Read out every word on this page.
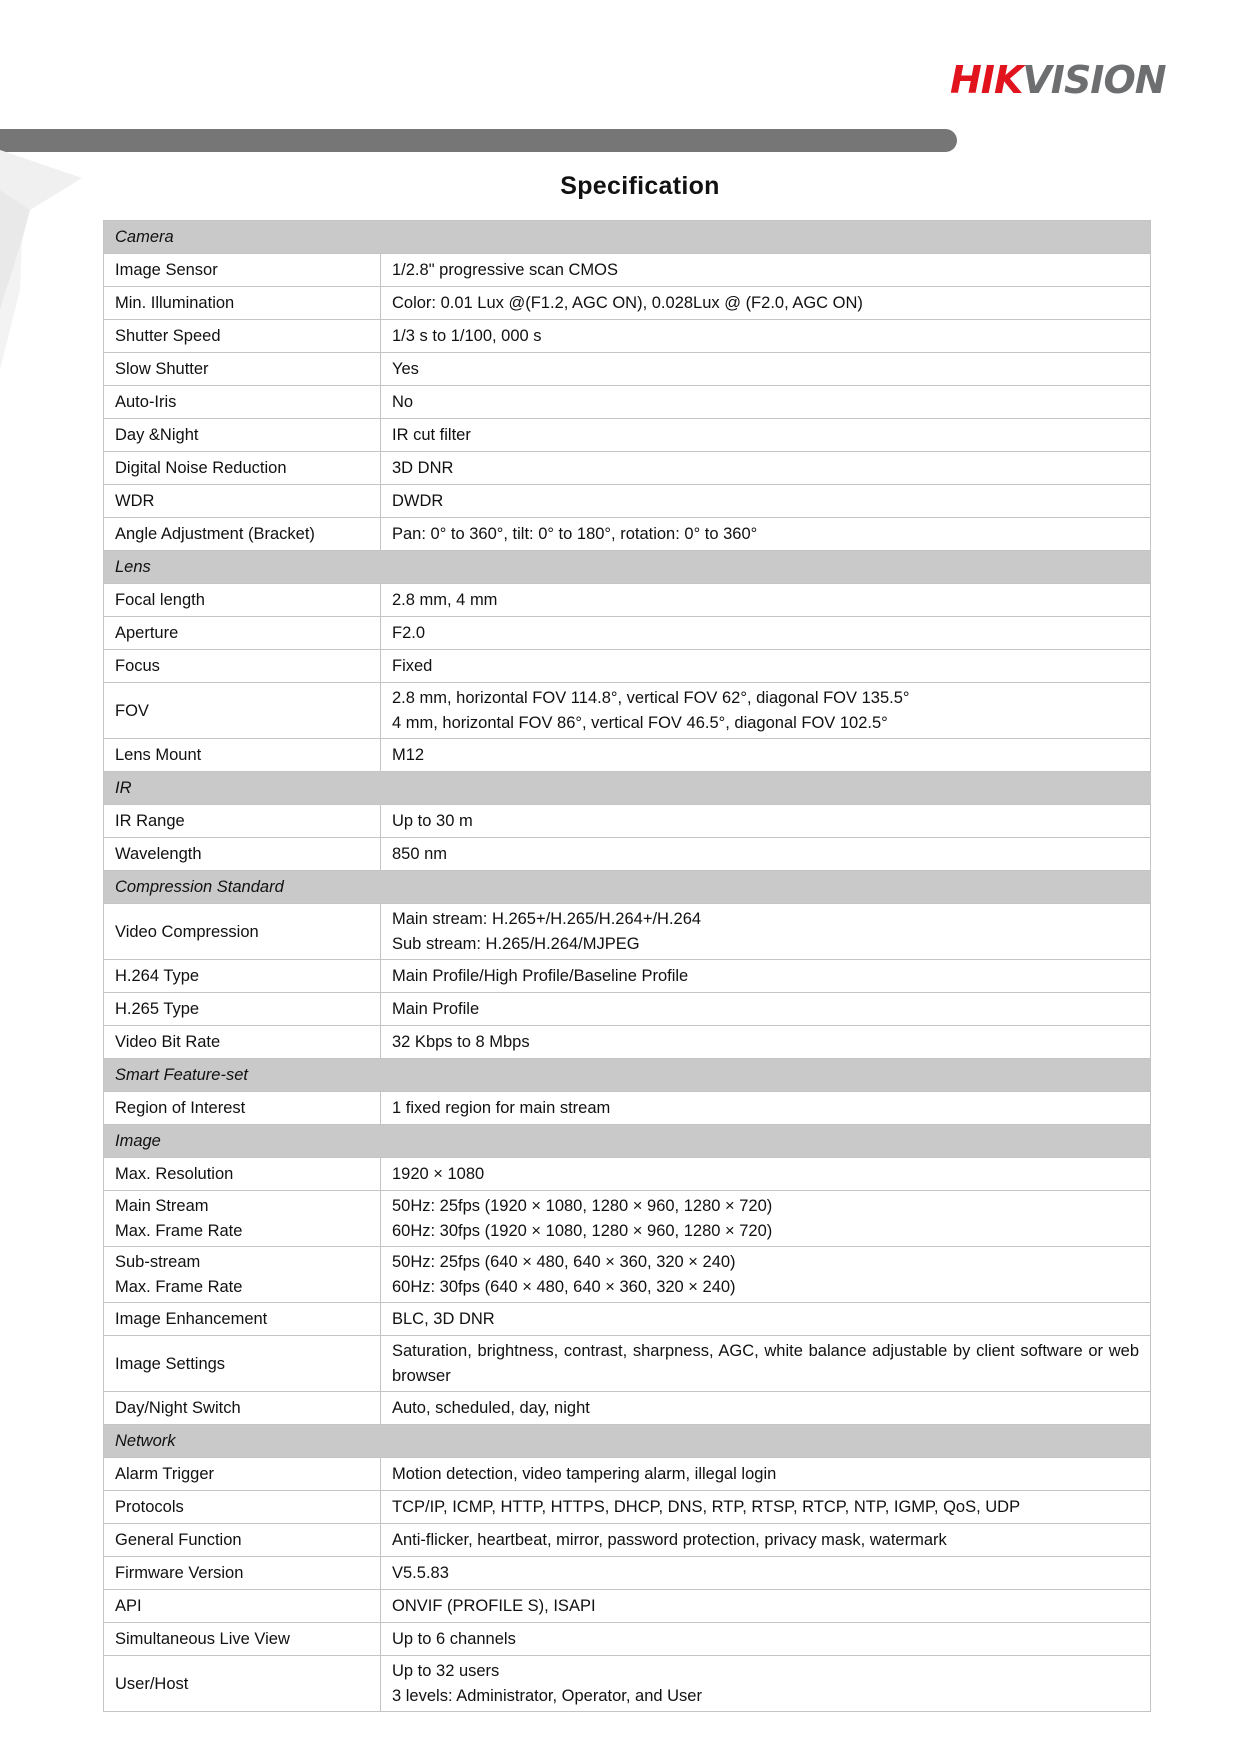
HIKVISION
Specification
Camera	
Image Sensor	1/2.8" progressive scan CMOS
Min. Illumination	Color: 0.01 Lux @(F1.2, AGC ON), 0.028Lux @ (F2.0, AGC ON)
Shutter Speed	1/3 s to 1/100, 000 s
Slow Shutter	Yes
Auto-Iris	No
Day &Night	IR cut filter
Digital Noise Reduction	3D DNR
WDR	DWDR
Angle Adjustment (Bracket)	Pan: 0° to 360°, tilt: 0° to 180°, rotation: 0° to 360°
Lens	
Focal length	2.8 mm, 4 mm
Aperture	F2.0
Focus	Fixed
FOV	2.8 mm, horizontal FOV 114.8°, vertical FOV 62°, diagonal FOV 135.5°
4 mm, horizontal FOV 86°, vertical FOV 46.5°, diagonal FOV 102.5°
Lens Mount	M12
IR	
IR Range	Up to 30 m
Wavelength	850 nm
Compression Standard	
Video Compression	Main stream: H.265+/H.265/H.264+/H.264
Sub stream: H.265/H.264/MJPEG
H.264 Type	Main Profile/High Profile/Baseline Profile
H.265 Type	Main Profile
Video Bit Rate	32 Kbps to 8 Mbps
Smart Feature-set	
Region of Interest	1 fixed region for main stream
Image	
Max. Resolution	1920 × 1080
Main Stream
Max. Frame Rate	50Hz: 25fps (1920 × 1080, 1280 × 960, 1280 × 720)
60Hz: 30fps (1920 × 1080, 1280 × 960, 1280 × 720)
Sub-stream
Max. Frame Rate	50Hz: 25fps (640 × 480, 640 × 360, 320 × 240)
60Hz: 30fps (640 × 480, 640 × 360, 320 × 240)
Image Enhancement	BLC, 3D DNR
Image Settings	Saturation, brightness, contrast, sharpness, AGC, white balance adjustable by client software or web browser
Day/Night Switch	Auto, scheduled, day, night
Network	
Alarm Trigger	Motion detection, video tampering alarm, illegal login
Protocols	TCP/IP, ICMP, HTTP, HTTPS, DHCP, DNS, RTP, RTSP, RTCP, NTP, IGMP, QoS, UDP
General Function	Anti-flicker, heartbeat, mirror, password protection, privacy mask, watermark
Firmware Version	V5.5.83
API	ONVIF (PROFILE S), ISAPI
Simultaneous Live View	Up to 6 channels
User/Host	Up to 32 users
3 levels: Administrator, Operator, and User
